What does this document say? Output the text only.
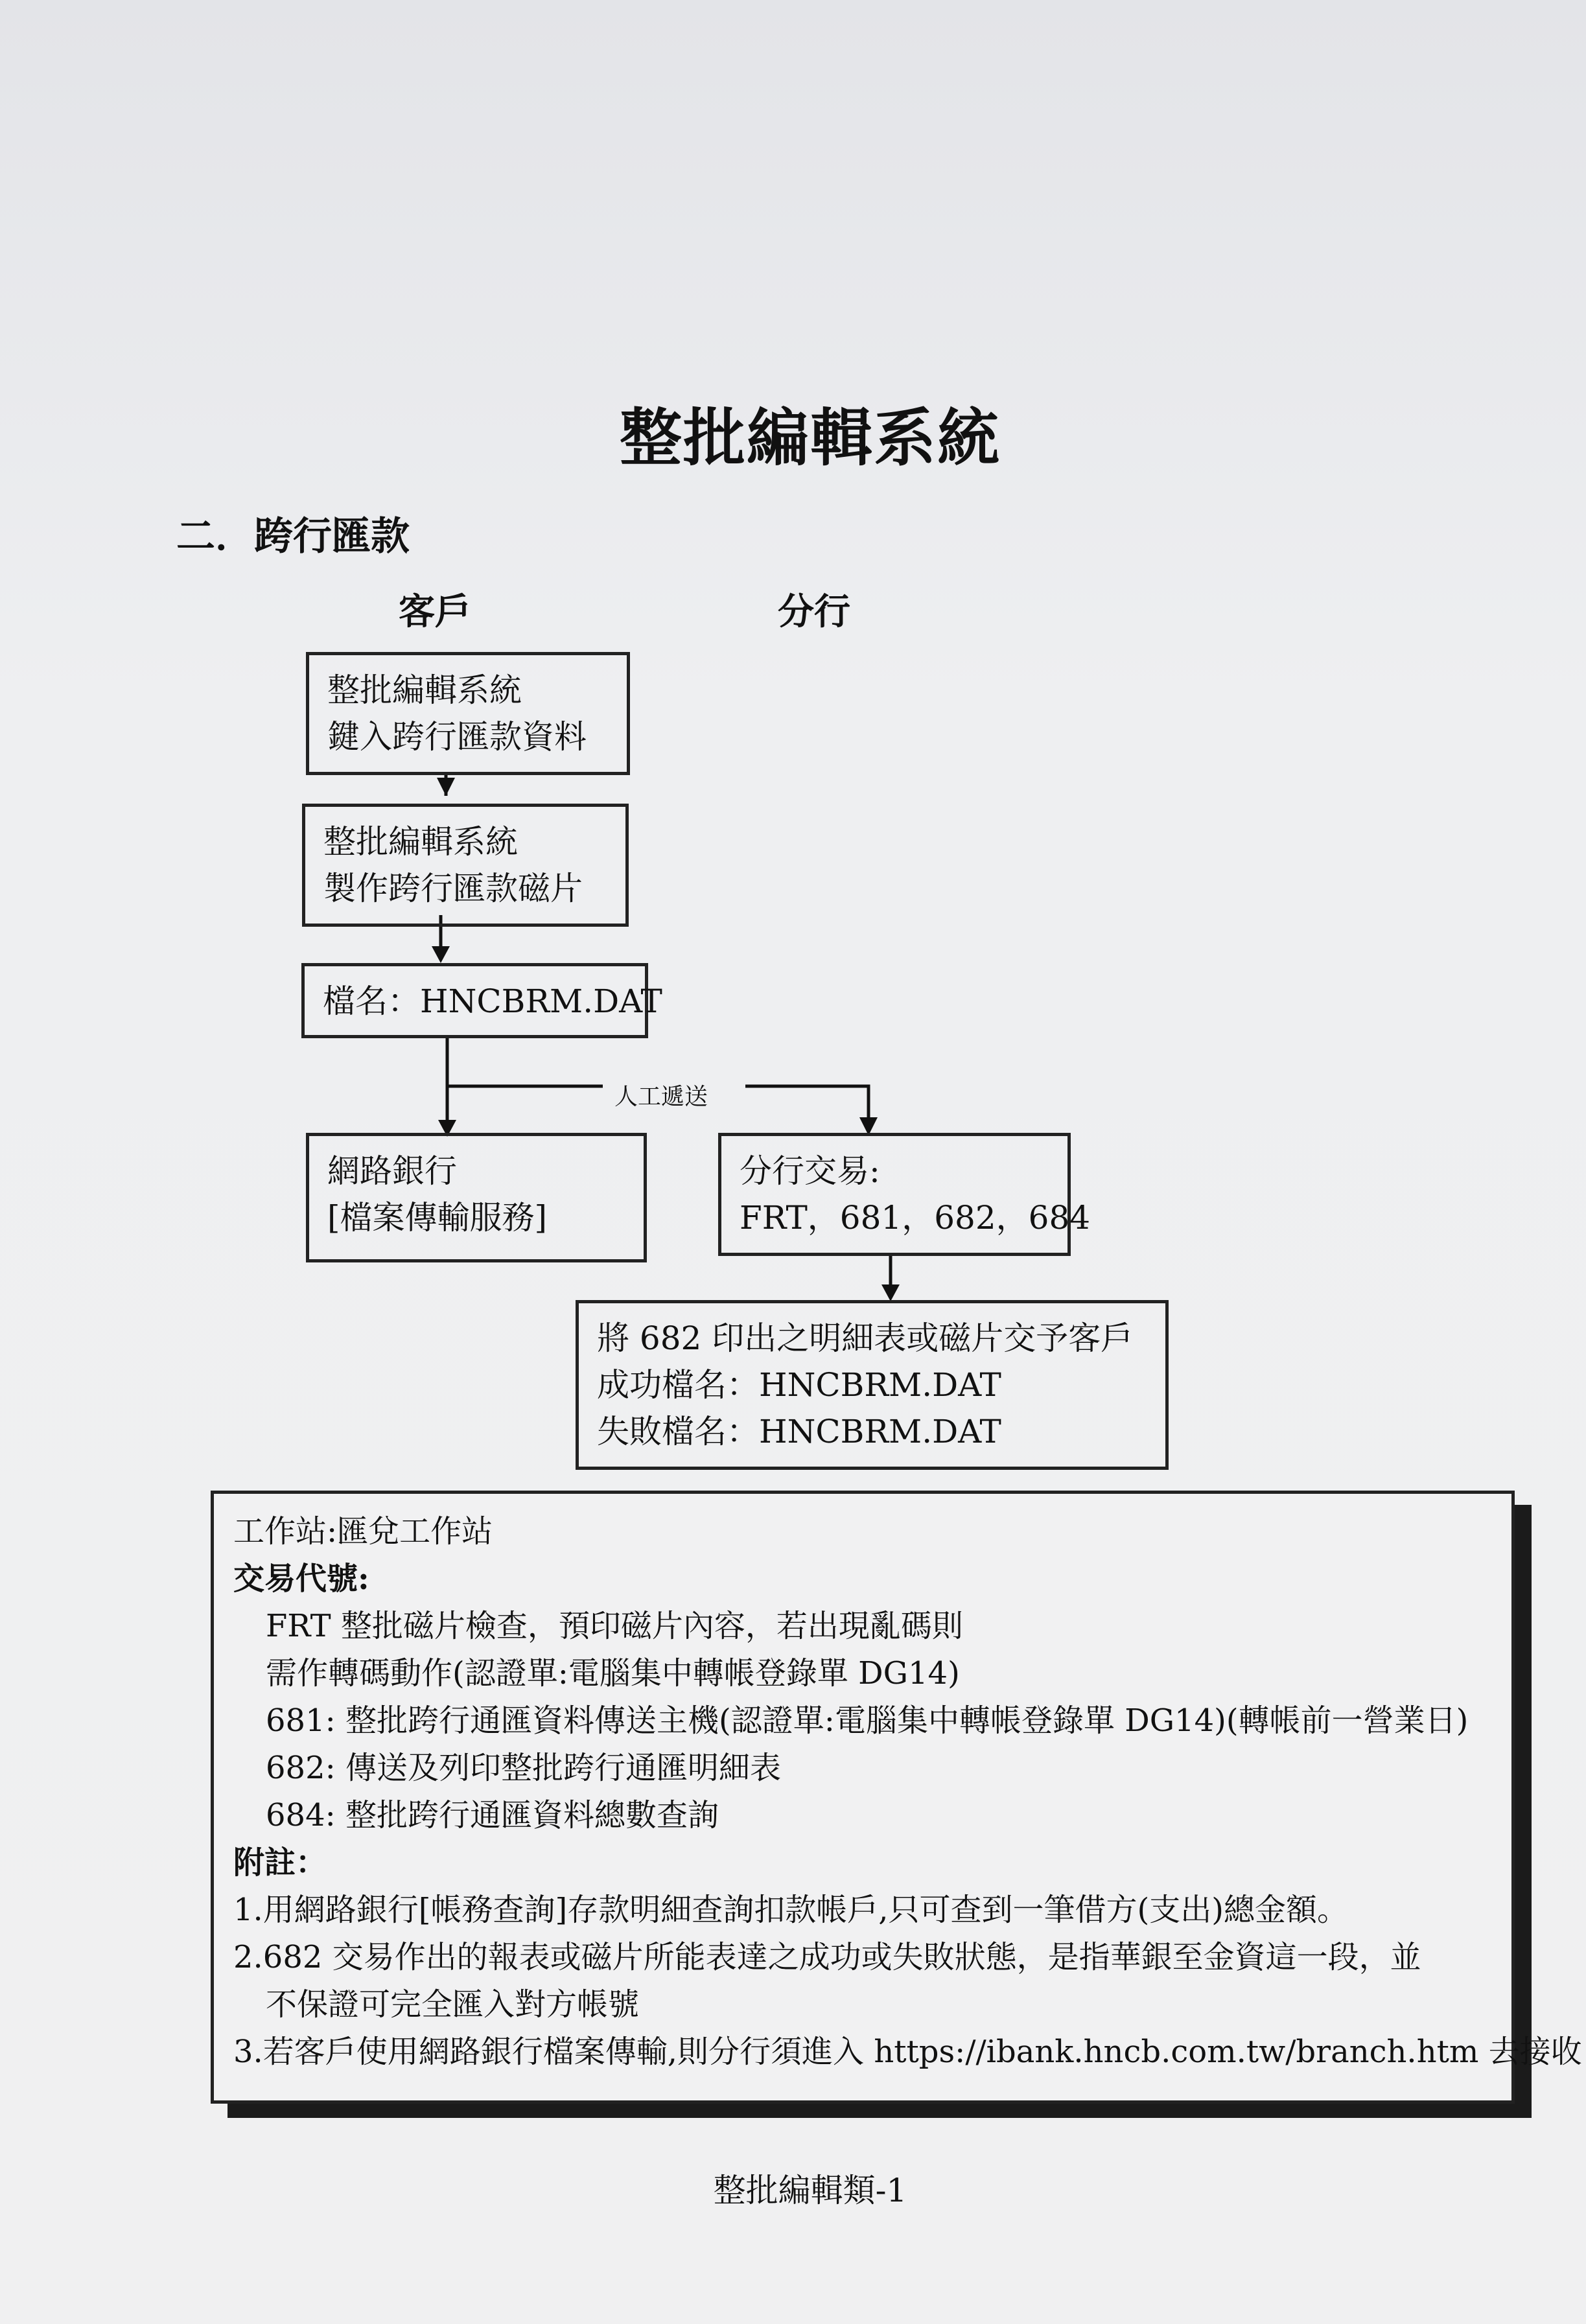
整批編輯系統
二．跨行匯款
客戶	分行
人工遞送
整批編輯系統
鍵入跨行匯款資料
整批編輯系統
製作跨行匯款磁片
檔名：HNCBRM.DAT
網路銀行
[檔案傳輸服務]
分行交易:
FRT，681，682，684
將 682 印出之明細表或磁片交予客戶
成功檔名：HNCBRM.DAT
失敗檔名：HNCBRM.DAT
工作站:匯兌工作站
交易代號:
FRT 整批磁片檢查，預印磁片內容，若出現亂碼則
需作轉碼動作(認證單:電腦集中轉帳登錄單 DG14)
681: 整批跨行通匯資料傳送主機(認證單:電腦集中轉帳登錄單 DG14)(轉帳前一營業日)
682: 傳送及列印整批跨行通匯明細表
684: 整批跨行通匯資料總數查詢
附註：
1.用網路銀行[帳務查詢]存款明細查詢扣款帳戶,只可查到一筆借方(支出)總金額。
2.682 交易作出的報表或磁片所能表達之成功或失敗狀態，是指華銀至金資這一段，並
不保證可完全匯入對方帳號
3.若客戶使用網路銀行檔案傳輸,則分行須進入 https://ibank.hncb.com.tw/branch.htm 去接收
整批編輯類-1
